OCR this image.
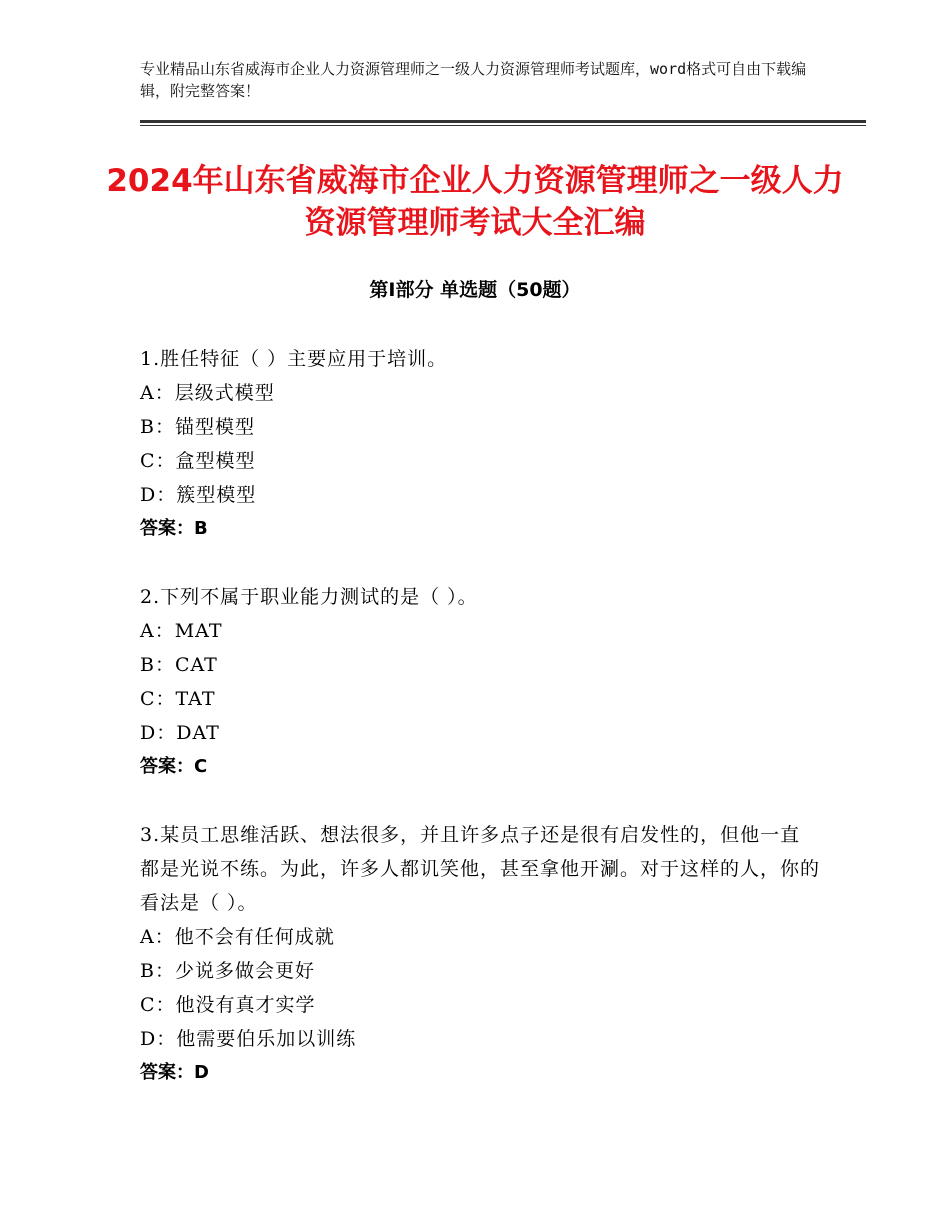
专业精品山东省威海市企业人力资源管理师之一级人力资源管理师考试题库，word格式可自由下载编辑，附完整答案！
2024年山东省威海市企业人力资源管理师之一级人力资源管理师考试大全汇编
第Ⅰ部分 单选题（50题）
1.胜任特征（ ）主要应用于培训。
A：层级式模型
B：锚型模型
C：盒型模型
D：簇型模型
答案：B
2.下列不属于职业能力测试的是（ ）。
A：MAT
B：CAT
C：TAT
D：DAT
答案：C
3.某员工思维活跃、想法很多，并且许多点子还是很有启发性的，但他一直都是光说不练。为此，许多人都讥笑他，甚至拿他开涮。对于这样的人，你的看法是（ ）。
A：他不会有任何成就
B：少说多做会更好
C：他没有真才实学
D：他需要伯乐加以训练
答案：D
